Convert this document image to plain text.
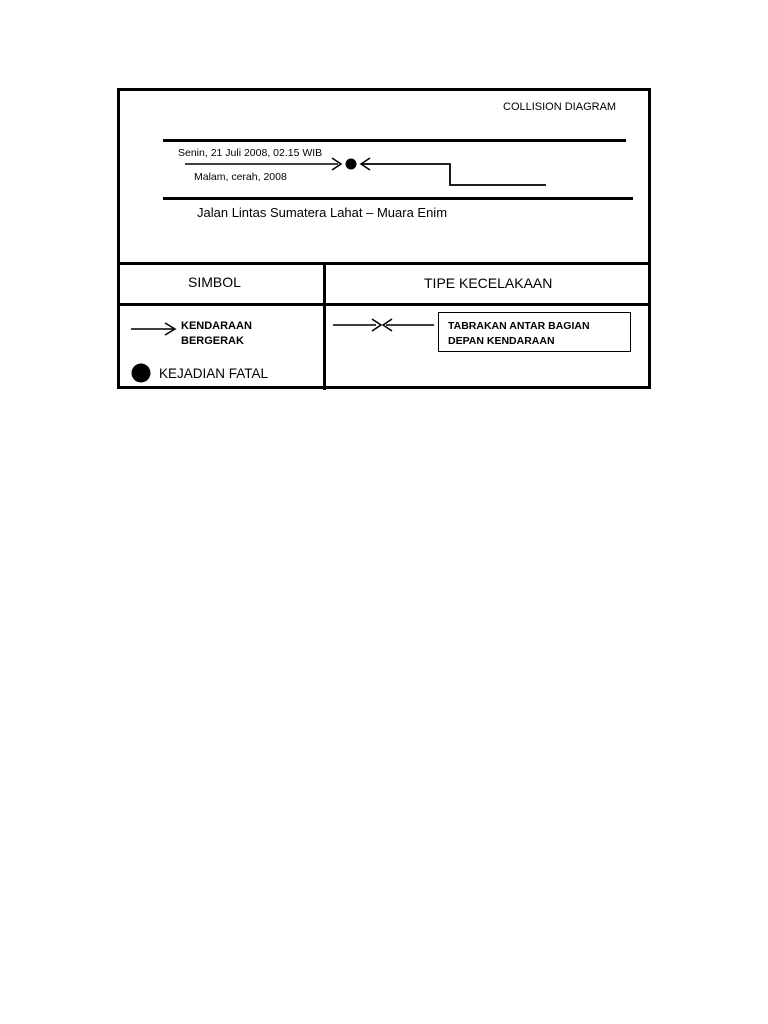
COLLISION DIAGRAM
Senin, 21 Juli 2008, 02.15 WIB
Malam, cerah, 2008
Jalan Lintas Sumatera Lahat – Muara Enim
SIMBOL	TIPE KECELAKAAN
KENDARAAN
BERGERAK
KEJADIAN FATAL
TABRAKAN ANTAR BAGIAN
DEPAN KENDARAAN
